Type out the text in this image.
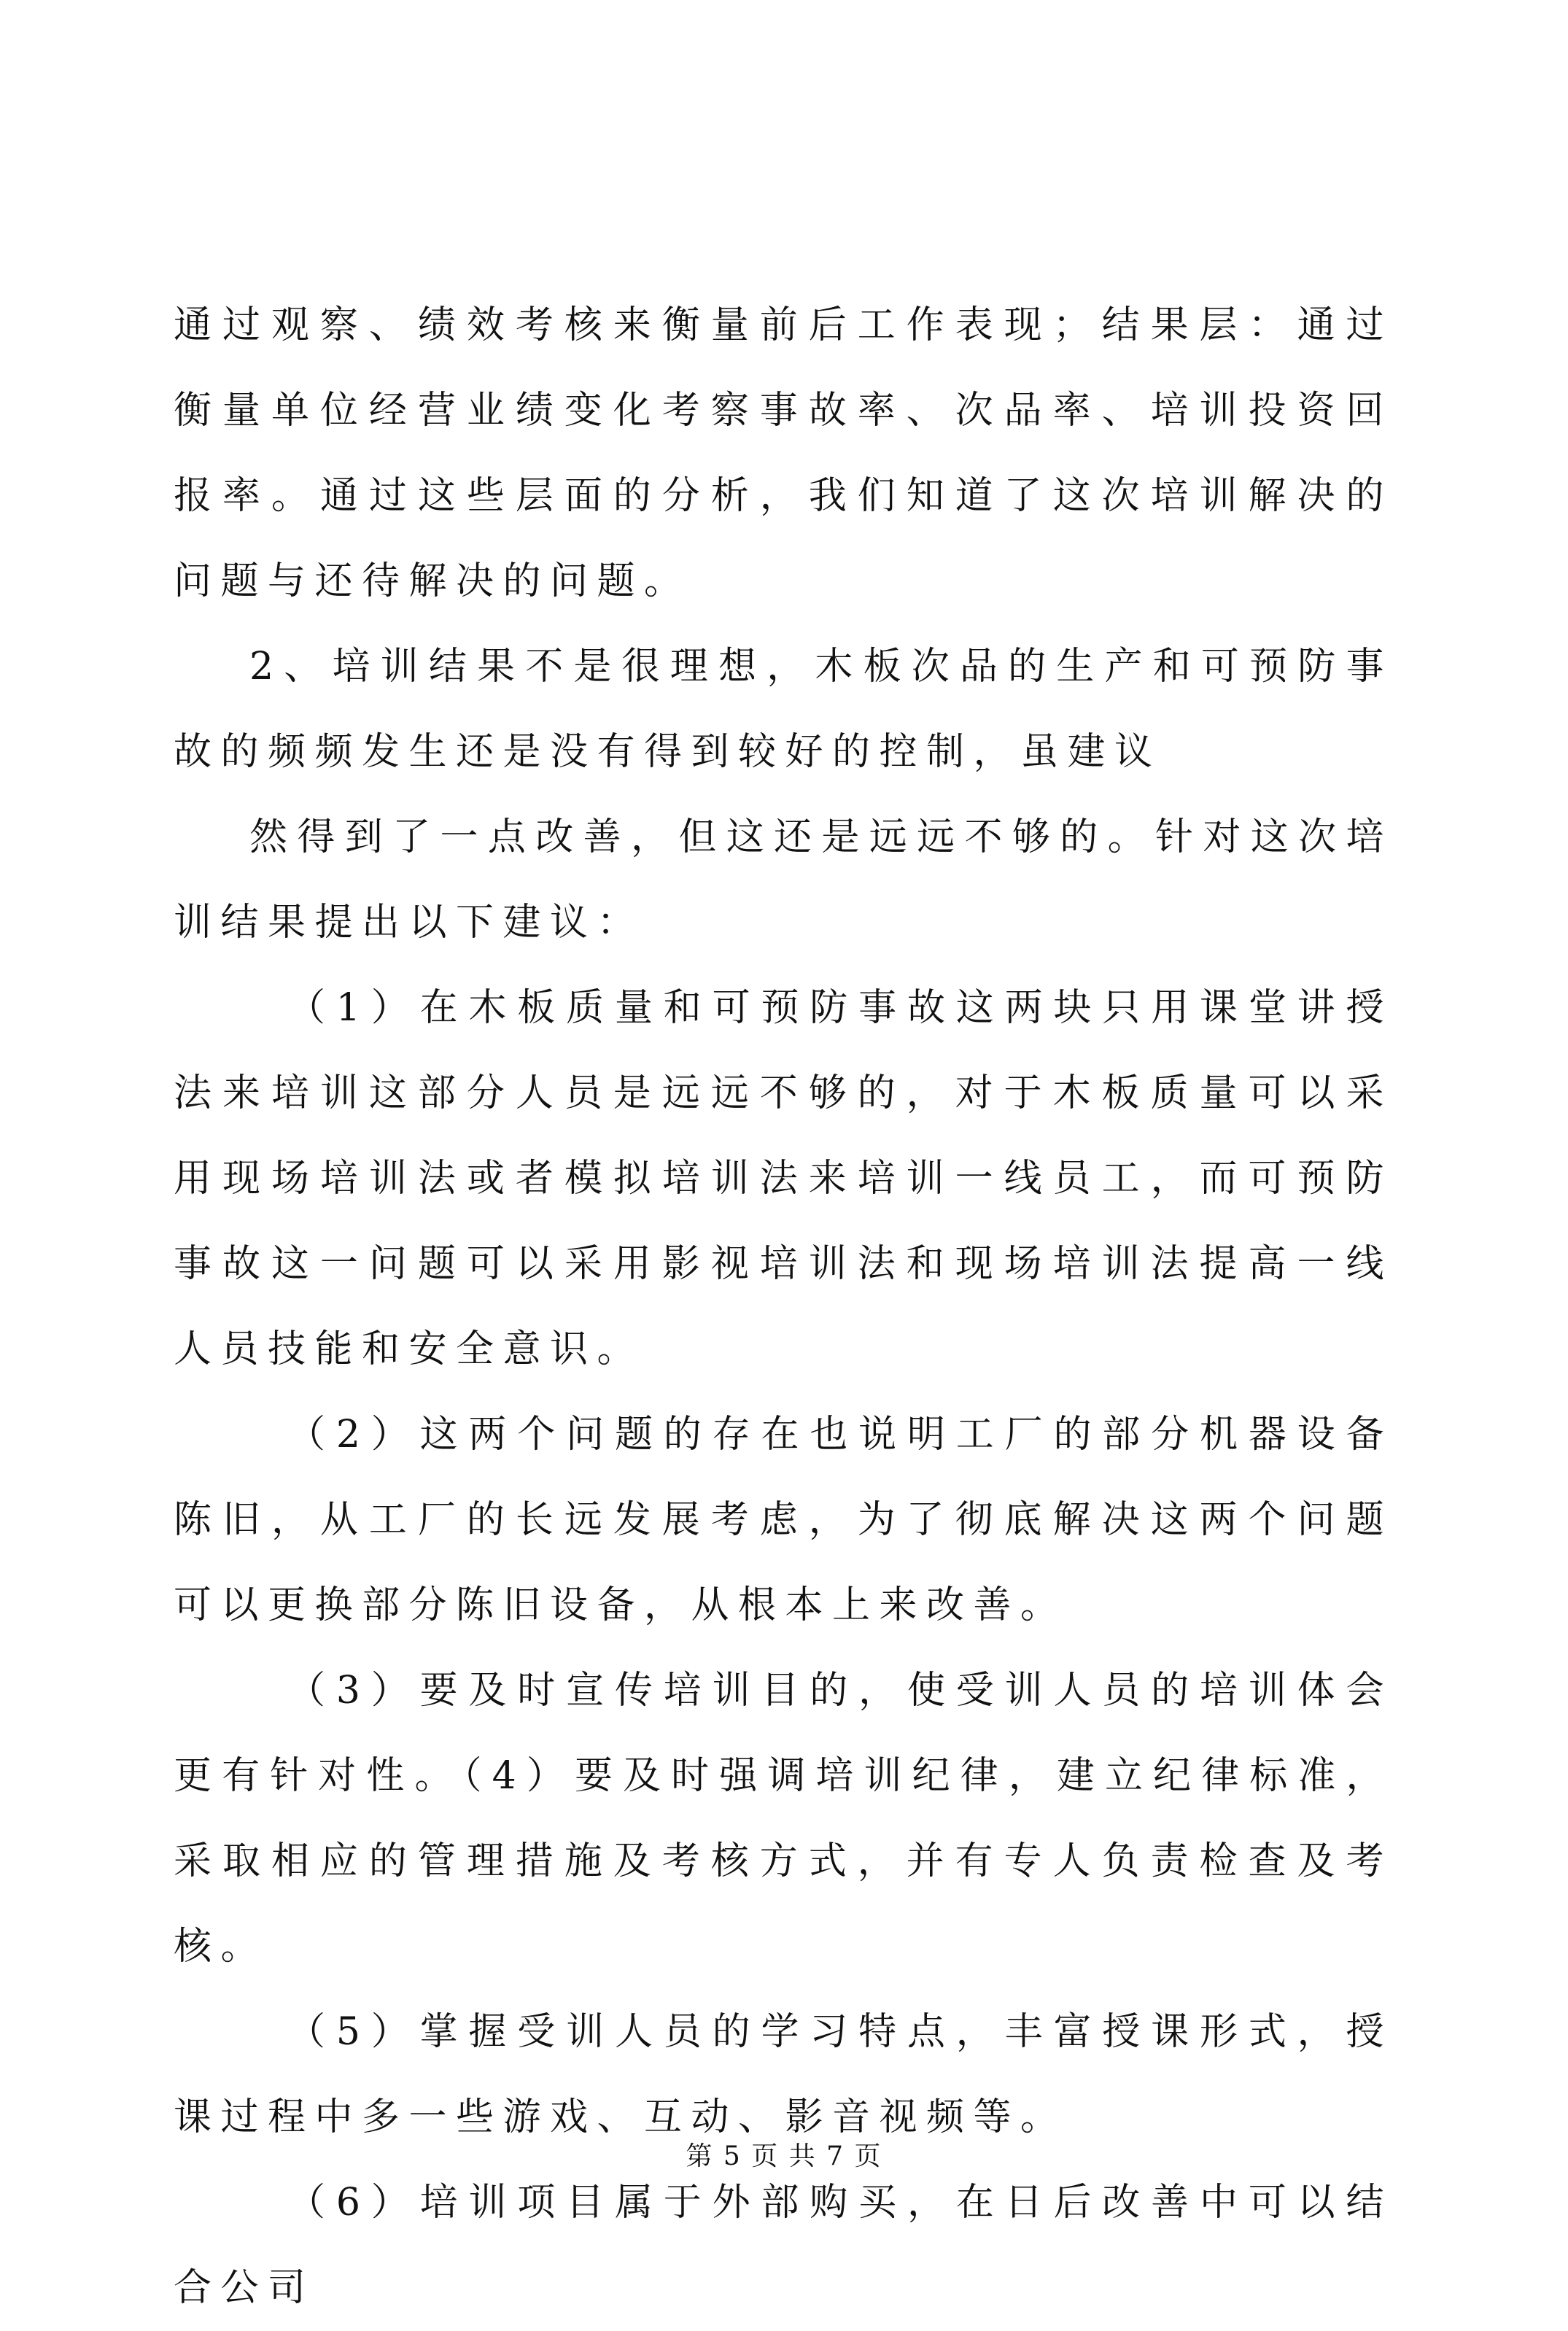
通过观察、绩效考核来衡量前后工作表现；结果层：通过衡量单位经营业绩变化考察事故率、次品率、培训投资回报率。通过这些层面的分析，我们知道了这次培训解决的问题与还待解决的问题。

2、培训结果不是很理想，木板次品的生产和可预防事故的频频发生还是没有得到较好的控制，虽建议

然得到了一点改善，但这还是远远不够的。针对这次培训结果提出以下建议：

（1）在木板质量和可预防事故这两块只用课堂讲授法来培训这部分人员是远远不够的，对于木板质量可以采用现场培训法或者模拟培训法来培训一线员工，而可预防事故这一问题可以采用影视培训法和现场培训法提高一线人员技能和安全意识。

（2）这两个问题的存在也说明工厂的部分机器设备陈旧，从工厂的长远发展考虑，为了彻底解决这两个问题可以更换部分陈旧设备，从根本上来改善。

（3）要及时宣传培训目的，使受训人员的培训体会更有针对性。（4）要及时强调培训纪律，建立纪律标准，采取相应的管理措施及考核方式，并有专人负责检查及考核。

（5）掌握受训人员的学习特点，丰富授课形式，授课过程中多一些游戏、互动、影音视频等。

（6）培训项目属于外部购买，在日后改善中可以结合公司

第 5 页 共 7 页
